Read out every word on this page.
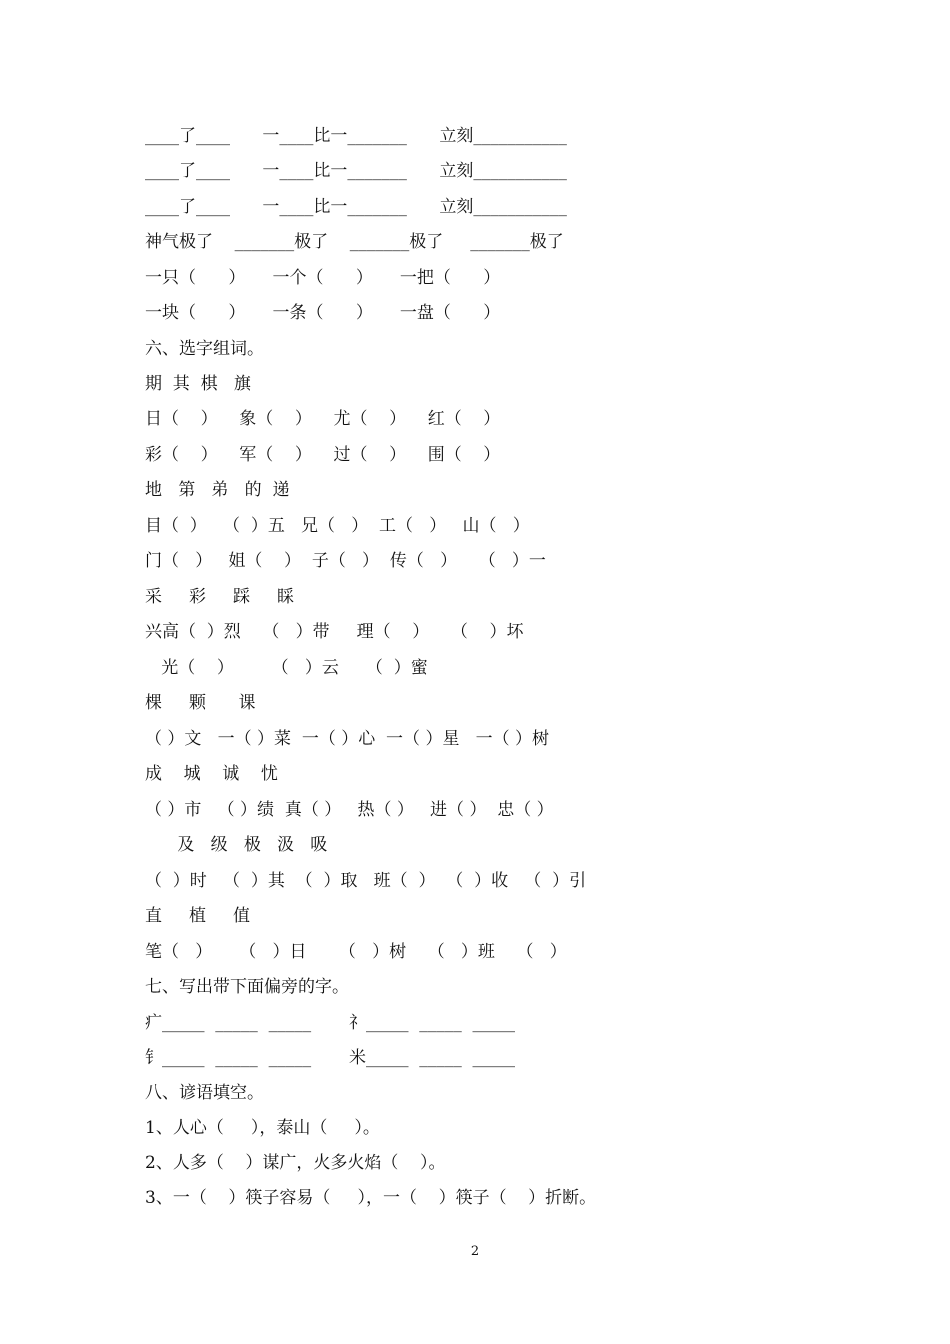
____了____      一____比一_______      立刻___________
____了____      一____比一_______      立刻___________
____了____      一____比一_______      立刻___________
神气极了    _______极了    _______极了     _______极了
一只（      ）     一个（      ）     一把（      ）
一块（      ）     一条（      ）     一盘（      ）
六、选字组词。
期  其  棋   旗
日（    ）    象（    ）    尤（    ）    红（    ）
彩（    ）    军（    ）    过（    ）    围（    ）
地   第   弟   的  递
目（  ）   （  ）五   兄（   ）  工（   ）   山（   ）
门（   ）   姐（    ）  子（   ）  传（   ）    （   ）一
采     彩     踩     睬
兴高（  ）烈    （   ）带     理（    ）    （    ）坏
光（    ）       （   ）云     （  ）蜜
棵     颗      课
（ ）文   一（ ）菜  一（ ）心  一（ ）星   一（ ）树
成    城    诚    忧
（ ）市   （ ）绩  真（ ）   热（ ）   进（ ）  忠（ ）
及   级   极   汲   吸
（  ）时   （  ）其  （  ）取   班（  ）  （  ）收   （  ）引
直     植     值
笔（   ）     （   ）日      （   ）树    （   ）班    （   ）
七、写出带下面偏旁的字。
疒_____  _____  _____       礻_____  _____  _____
钅_____  _____  _____       米_____  _____  _____
八、谚语填空。
1、人心（     ），泰山（     ）。
2、人多（    ）谋广，火多火焰（    ）。
3、一（    ）筷子容易（     ），一（    ）筷子（    ）折断。
2
